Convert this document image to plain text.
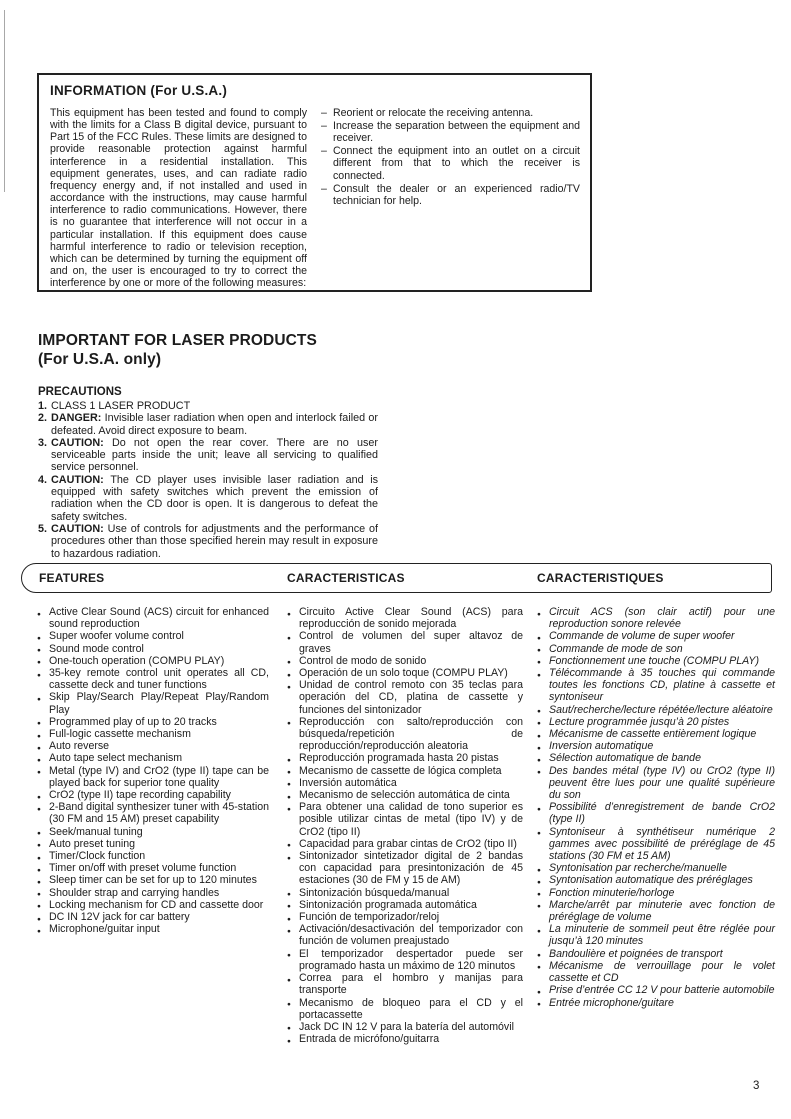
INFORMATION (For U.S.A.)
This equipment has been tested and found to comply with the limits for a Class B digital device, pursuant to Part 15 of the FCC Rules. These limits are designed to provide reasonable protection against harmful interference in a residential installation. This equipment generates, uses, and can radiate radio frequency energy and, if not installed and used in accordance with the instructions, may cause harmful interference to radio communications. However, there is no guarantee that interference will not occur in a particular installation. If this equipment does cause harmful interference to radio or television reception, which can be determined by turning the equipment off and on, the user is encouraged to try to correct the interference by one or more of the following measures:
– Reorient or relocate the receiving antenna.
– Increase the separation between the equipment and receiver.
– Connect the equipment into an outlet on a circuit different from that to which the receiver is connected.
– Consult the dealer or an experienced radio/TV technician for help.
IMPORTANT FOR LASER PRODUCTS
(For U.S.A. only)
PRECAUTIONS
1. CLASS 1 LASER PRODUCT
2. DANGER: Invisible laser radiation when open and interlock failed or defeated. Avoid direct exposure to beam.
3. CAUTION: Do not open the rear cover. There are no user serviceable parts inside the unit; leave all servicing to qualified service personnel.
4. CAUTION: The CD player uses invisible laser radiation and is equipped with safety switches which prevent the emission of radiation when the CD door is open. It is dangerous to defeat the safety switches.
5. CAUTION: Use of controls for adjustments and the performance of procedures other than those specified herein may result in exposure to hazardous radiation.
FEATURES	CARACTERISTICAS	CARACTERISTIQUES
● Active Clear Sound (ACS) circuit for enhanced sound reproduction
● Super woofer volume control
● Sound mode control
● One-touch operation (COMPU PLAY)
● 35-key remote control unit operates all CD, cassette deck and tuner functions
● Skip Play/Search Play/Repeat Play/Random Play
● Programmed play of up to 20 tracks
● Full-logic cassette mechanism
● Auto reverse
● Auto tape select mechanism
● Metal (type IV) and CrO2 (type II) tape can be played back for superior tone quality
● CrO2 (type II) tape recording capability
● 2-Band digital synthesizer tuner with 45-station (30 FM and 15 AM) preset capability
● Seek/manual tuning
● Auto preset tuning
● Timer/Clock function
● Timer on/off with preset volume function
● Sleep timer can be set for up to 120 minutes
● Shoulder strap and carrying handles
● Locking mechanism for CD and cassette door
● DC IN 12V jack for car battery
● Microphone/guitar input
● Circuito Active Clear Sound (ACS) para reproducción de sonido mejorada
● Control de volumen del super altavoz de graves
● Control de modo de sonido
● Operación de un solo toque (COMPU PLAY)
● Unidad de control remoto con 35 teclas para operación del CD, platina de cassette y funciones del sintonizador
● Reproducción con salto/reproducción con búsqueda/repetición de reproducción/reproducción aleatoria
● Reproducción programada hasta 20 pistas
● Mecanismo de cassette de lógica completa
● Inversión automática
● Mecanismo de selección automática de cinta
● Para obtener una calidad de tono superior es posible utilizar cintas de metal (tipo IV) y de CrO2 (tipo II)
● Capacidad para grabar cintas de CrO2 (tipo II)
● Sintonizador sintetizador digital de 2 bandas con capacidad para presintonización de 45 estaciones (30 de FM y 15 de AM)
● Sintonización búsqueda/manual
● Sintonización programada automática
● Función de temporizador/reloj
● Activación/desactivación del temporizador con función de volumen preajustado
● El temporizador despertador puede ser programado hasta un máximo de 120 minutos
● Correa para el hombro y manijas para transporte
● Mecanismo de bloqueo para el CD y el portacassette
● Jack DC IN 12 V para la batería del automóvil
● Entrada de micrófono/guitarra
● Circuit ACS (son clair actif) pour une reproduction sonore relevée
● Commande de volume de super woofer
● Commande de mode de son
● Fonctionnement une touche (COMPU PLAY)
● Télécommande à 35 touches qui commande toutes les fonctions CD, platine à cassette et syntoniseur
● Saut/recherche/lecture répétée/lecture aléatoire
● Lecture programmée jusqu’à 20 pistes
● Mécanisme de cassette entièrement logique
● Inversion automatique
● Sélection automatique de bande
● Des bandes métal (type IV) ou CrO2 (type II) peuvent être lues pour une qualité supérieure du son
● Possibilité d’enregistrement de bande CrO2 (type II)
● Syntoniseur à synthétiseur numérique 2 gammes avec possibilité de préréglage de 45 stations (30 FM et 15 AM)
● Syntonisation par recherche/manuelle
● Syntonisation automatique des préréglages
● Fonction minuterie/horloge
● Marche/arrêt par minuterie avec fonction de préréglage de volume
● La minuterie de sommeil peut être réglée pour jusqu’à 120 minutes
● Bandoulière et poignées de transport
● Mécanisme de verrouillage pour le volet cassette et CD
● Prise d’entrée CC 12 V pour batterie automobile
● Entrée microphone/guitare
3
